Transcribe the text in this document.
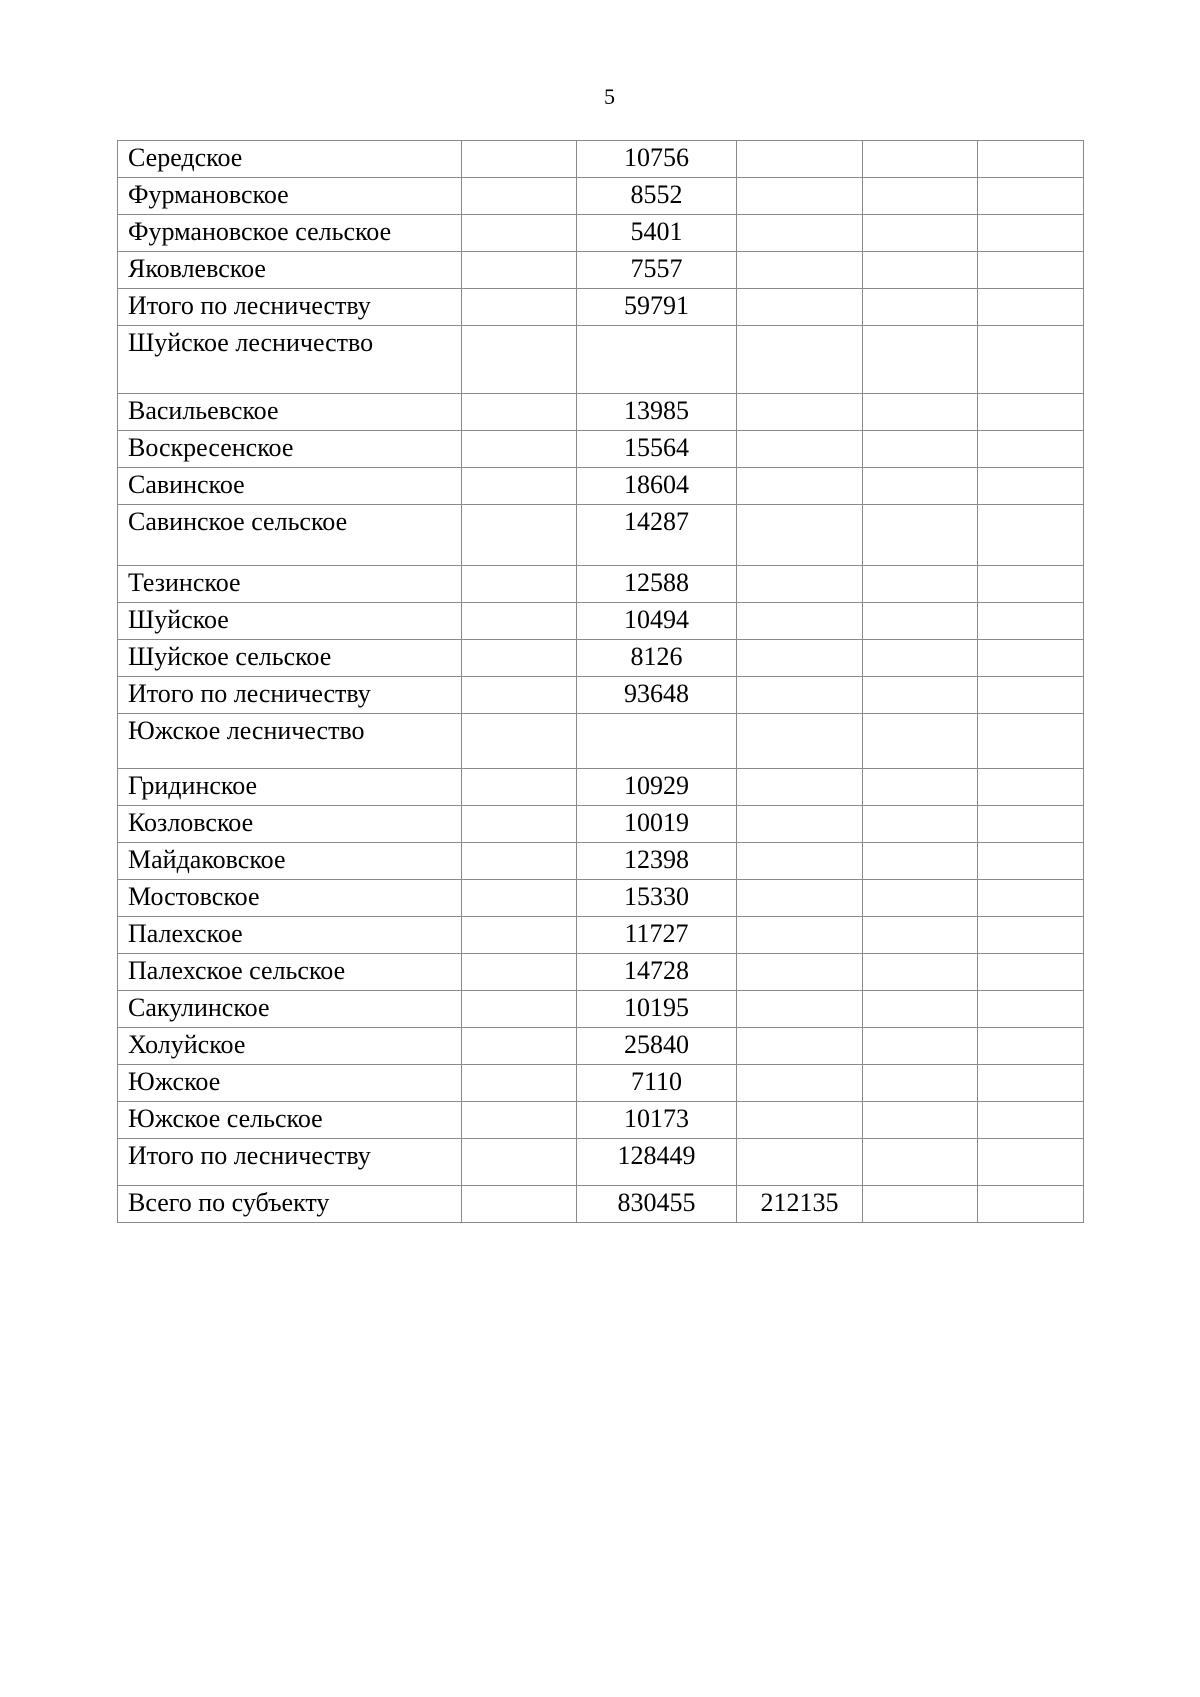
5
Середское		10756			
Фурмановское		8552			
Фурмановское сельское		5401			
Яковлевское		7557			
Итого по лесничеству		59791			
Шуйское лесничество					
Васильевское		13985			
Воскресенское		15564			
Савинское		18604			
Савинское сельское		14287			
Тезинское		12588			
Шуйское		10494			
Шуйское сельское		8126			
Итого по лесничеству		93648			
Южское лесничество					
Гридинское		10929			
Козловское		10019			
Майдаковское		12398			
Мостовское		15330			
Палехское		11727			
Палехское сельское		14728			
Сакулинское		10195			
Холуйское		25840			
Южское		7110			
Южское сельское		10173			
Итого по лесничеству		128449			
Всего по субъекту		830455	212135		
